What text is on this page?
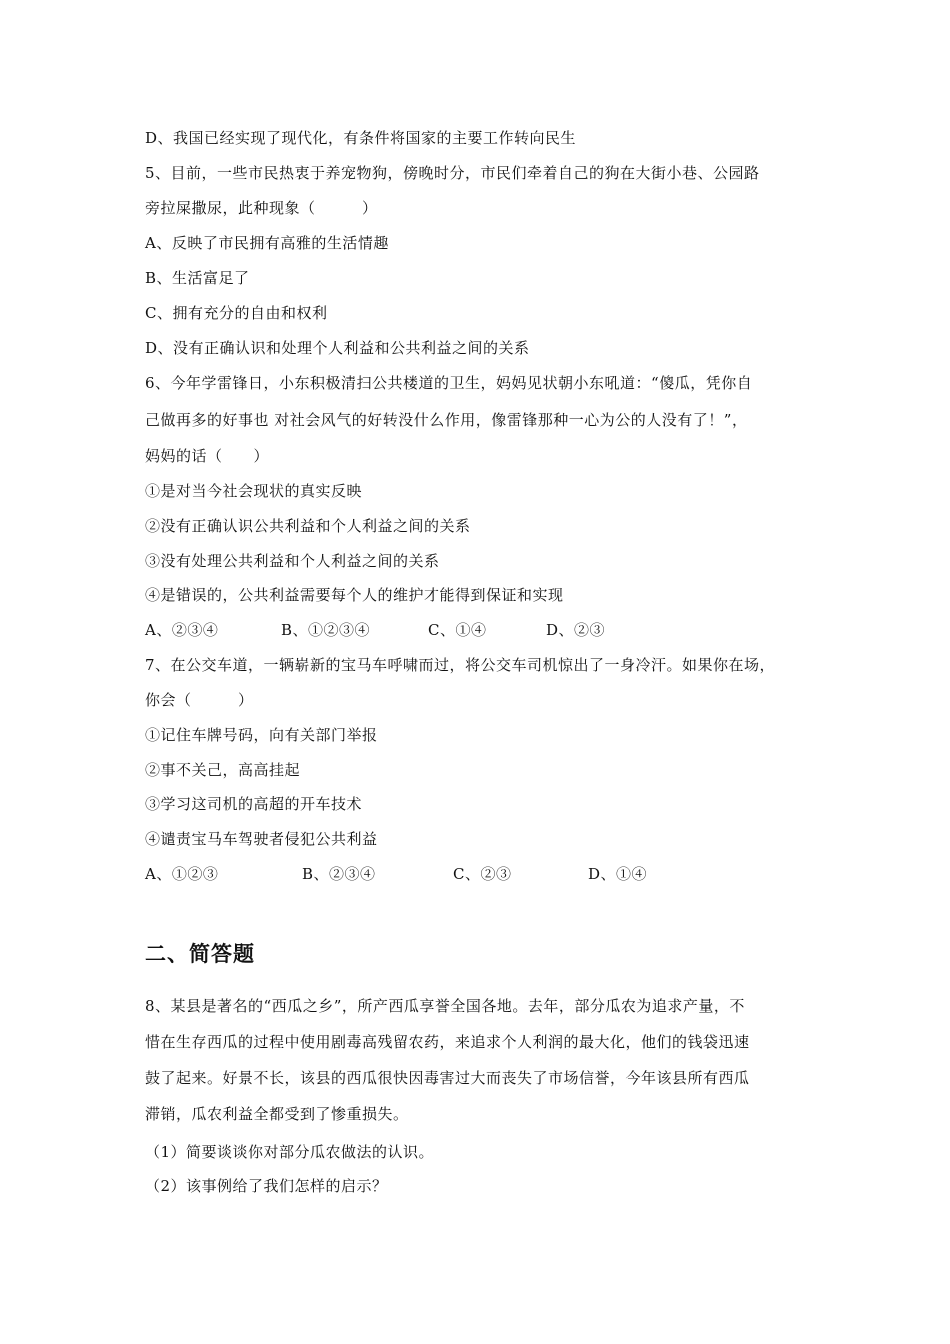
D、我国已经实现了现代化，有条件将国家的主要工作转向民生
5、目前，一些市民热衷于养宠物狗，傍晚时分，市民们牵着自己的狗在大街小巷、公园路
旁拉屎撒尿，此种现象（　　　）
A、反映了市民拥有高雅的生活情趣
B、生活富足了
C、拥有充分的自由和权利
D、没有正确认识和处理个人利益和公共利益之间的关系
6、今年学雷锋日，小东积极清扫公共楼道的卫生，妈妈见状朝小东吼道：“傻瓜，凭你自
己做再多的好事也 对社会风气的好转没什么作用，像雷锋那种一心为公的人没有了！”，
妈妈的话（　　）
①是对当今社会现状的真实反映
②没有正确认识公共利益和个人利益之间的关系
③没有处理公共利益和个人利益之间的关系
④是错误的，公共利益需要每个人的维护才能得到保证和实现
A、②③④	B、①②③④	C、①④	D、②③
7、在公交车道，一辆崭新的宝马车呼啸而过，将公交车司机惊出了一身冷汗。如果你在场，
你会（　　　）
①记住车牌号码，向有关部门举报
②事不关己，高高挂起
③学习这司机的高超的开车技术
④谴责宝马车驾驶者侵犯公共利益
A、①②③	B、②③④	C、②③	D、①④
二、简答题
8、某县是著名的“西瓜之乡”，所产西瓜享誉全国各地。去年，部分瓜农为追求产量，不
惜在生存西瓜的过程中使用剧毒高残留农药，来追求个人利润的最大化，他们的钱袋迅速
鼓了起来。好景不长，该县的西瓜很快因毒害过大而丧失了市场信誉，今年该县所有西瓜
滞销，瓜农利益全都受到了惨重损失。
（1）简要谈谈你对部分瓜农做法的认识。
（2）该事例给了我们怎样的启示？
